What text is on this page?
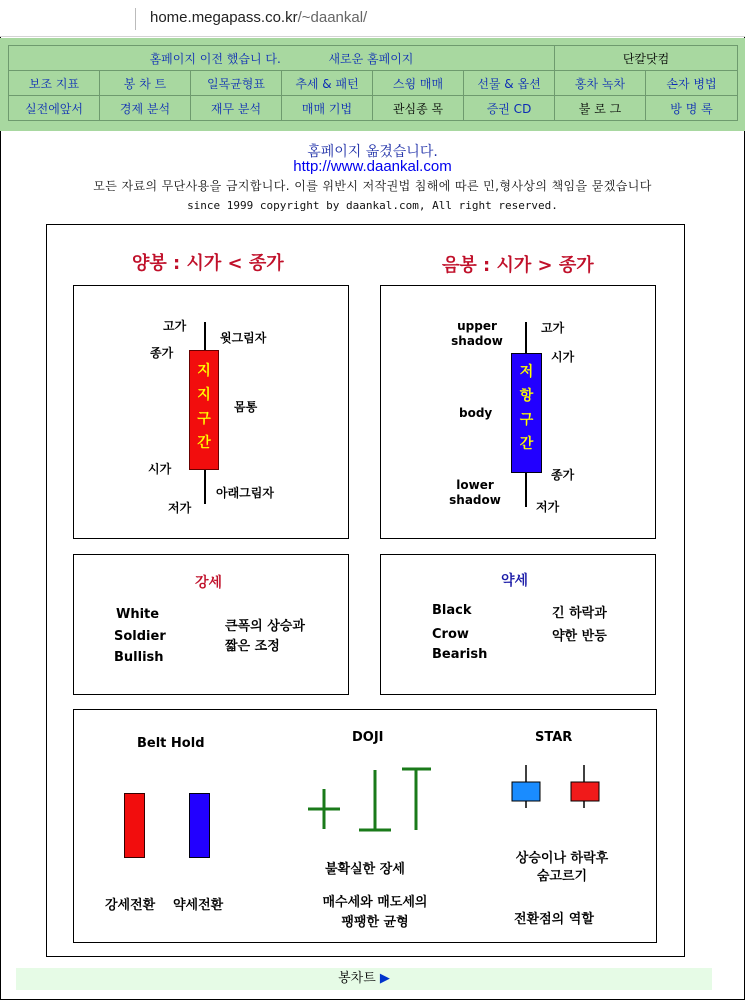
home.megapass.co.kr/~daankal/
홈페이지 이전 했습니 다. 새로운 홈페이지						단칼닷컴	
보조 지표	봉 차 트	일목균형표	추세 & 패턴	스윙 매매	선물 & 옵션	홍차 녹차	손자 병법
실전에앞서	경제 분석	재무 분석	매매 기법	관심종 목	증권 CD	불 로 그	방 명 록
홈페이지 옮겼습니다.
http://www.daankal.com
모든 자료의 무단사용을 금지합니다. 이를 위반시 저작권법 침해에 따른 민,형사상의 책임을 묻겠습니다
since 1999 copyright by daankal.com, All right reserved.
양봉 : 시가 < 종가	음봉 : 시가 > 종가
지
지
구
간
고가
윗그림자
종가
몸통
시가
아래그림자
저가
저
항
구
간
upper shadow
고가
시가
body
종가
lower shadow	저가
강세
White
Soldier
Bullish
큰폭의 상승과
짧은 조정
약세
Black
Crow
Bearish
긴 하락과
약한 반등
Belt Hold
강세전환 약세전환
DOJI
불확실한 장세
매수세와 매도세의
팽팽한 균형
STAR
상승이나 하락후
숨고르기
전환점의 역할
봉차트 ▶
